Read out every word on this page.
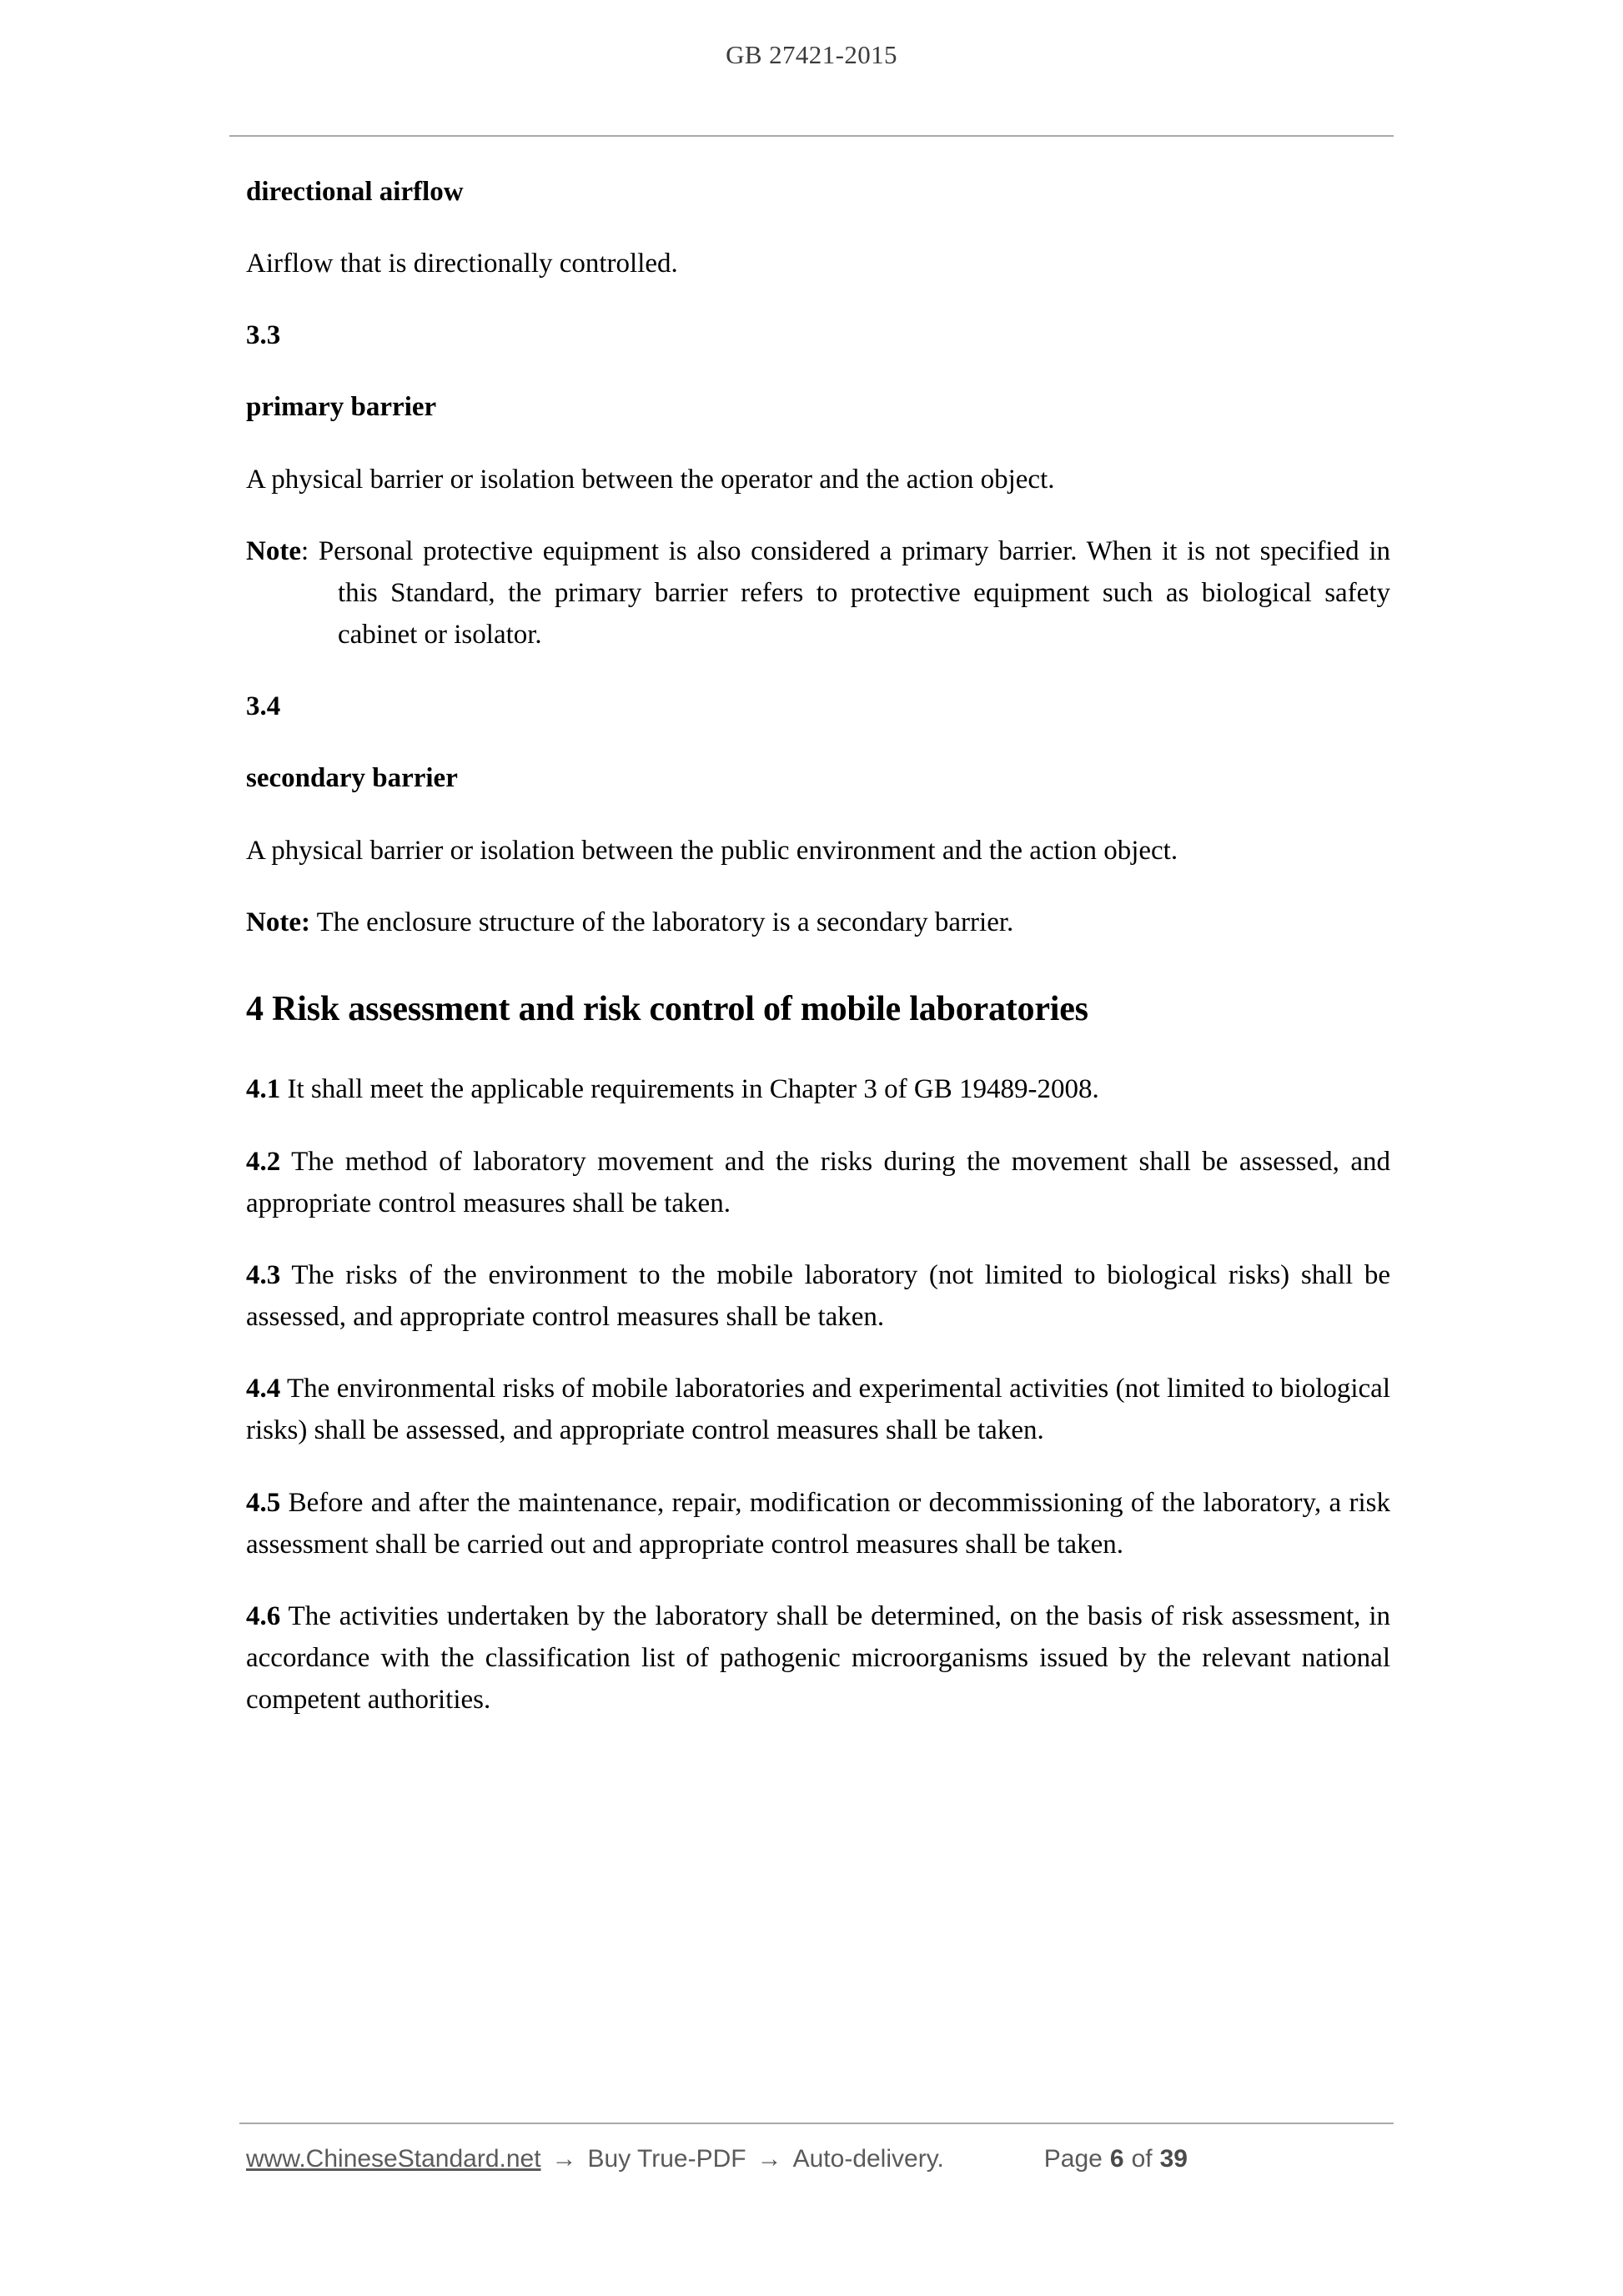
GB 27421-2015

directional airflow

Airflow that is directionally controlled.

3.3

primary barrier

A physical barrier or isolation between the operator and the action object.

Note: Personal protective equipment is also considered a primary barrier. When it is not specified in this Standard, the primary barrier refers to protective equipment such as biological safety cabinet or isolator.

3.4

secondary barrier

A physical barrier or isolation between the public environment and the action object.

Note: The enclosure structure of the laboratory is a secondary barrier.

4 Risk assessment and risk control of mobile laboratories

4.1 It shall meet the applicable requirements in Chapter 3 of GB 19489-2008.

4.2 The method of laboratory movement and the risks during the movement shall be assessed, and appropriate control measures shall be taken.

4.3 The risks of the environment to the mobile laboratory (not limited to biological risks) shall be assessed, and appropriate control measures shall be taken.

4.4 The environmental risks of mobile laboratories and experimental activities (not limited to biological risks) shall be assessed, and appropriate control measures shall be taken.

4.5 Before and after the maintenance, repair, modification or decommissioning of the laboratory, a risk assessment shall be carried out and appropriate control measures shall be taken.

4.6 The activities undertaken by the laboratory shall be determined, on the basis of risk assessment, in accordance with the classification list of pathogenic microorganisms issued by the relevant national competent authorities.

www.ChineseStandard.net → Buy True-PDF → Auto-delivery.	Page 6 of 39
